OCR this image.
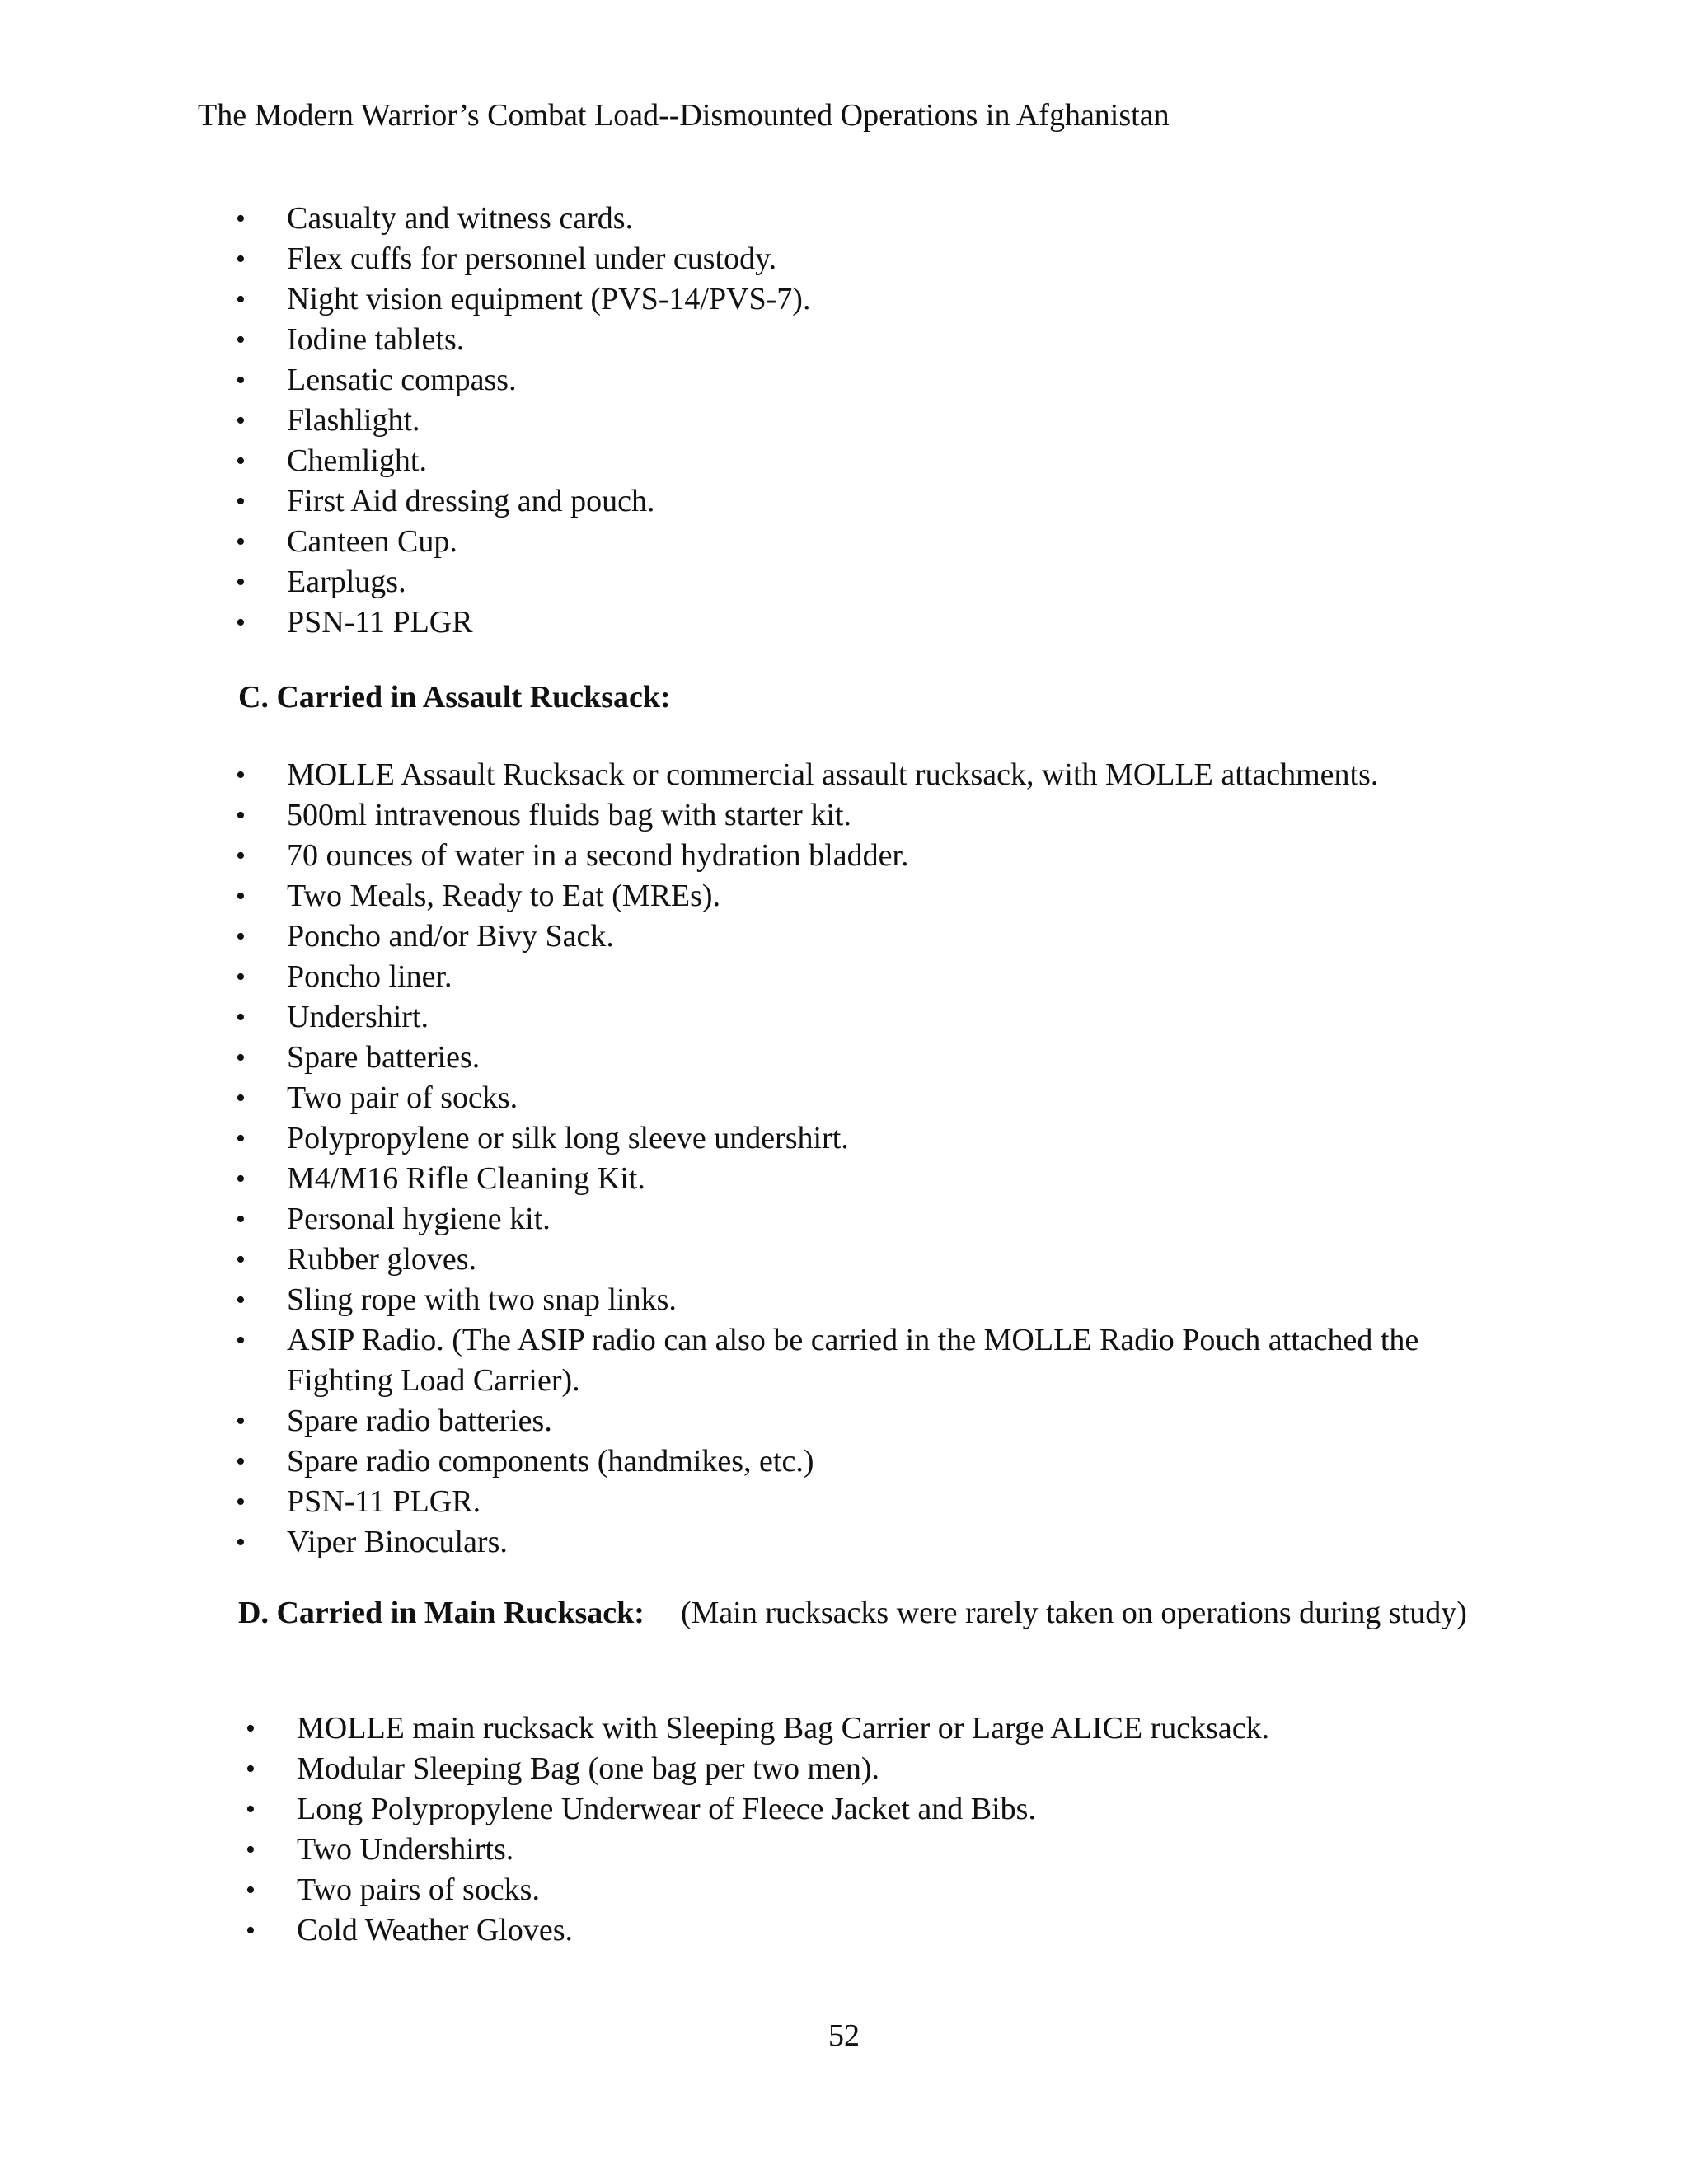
The Modern Warrior’s Combat Load--Dismounted Operations in Afghanistan
• Casualty and witness cards.
• Flex cuffs for personnel under custody.
• Night vision equipment (PVS-14/PVS-7).
• Iodine tablets.
• Lensatic compass.
• Flashlight.
• Chemlight.
• First Aid dressing and pouch.
• Canteen Cup.
• Earplugs.
• PSN-11 PLGR
C. Carried in Assault Rucksack:
• MOLLE Assault Rucksack or commercial assault rucksack, with MOLLE attachments.
• 500ml intravenous fluids bag with starter kit.
• 70 ounces of water in a second hydration bladder.
• Two Meals, Ready to Eat (MREs).
• Poncho and/or Bivy Sack.
• Poncho liner.
• Undershirt.
• Spare batteries.
• Two pair of socks.
• Polypropylene or silk long sleeve undershirt.
• M4/M16 Rifle Cleaning Kit.
• Personal hygiene kit.
• Rubber gloves.
• Sling rope with two snap links.
• ASIP Radio. (The ASIP radio can also be carried in the MOLLE Radio Pouch attached the Fighting Load Carrier).
• Spare radio batteries.
• Spare radio components (handmikes, etc.)
• PSN-11 PLGR.
• Viper Binoculars.
D. Carried in Main Rucksack: (Main rucksacks were rarely taken on operations during study)
• MOLLE main rucksack with Sleeping Bag Carrier or Large ALICE rucksack.
• Modular Sleeping Bag (one bag per two men).
• Long Polypropylene Underwear of Fleece Jacket and Bibs.
• Two Undershirts.
• Two pairs of socks.
• Cold Weather Gloves.
52
